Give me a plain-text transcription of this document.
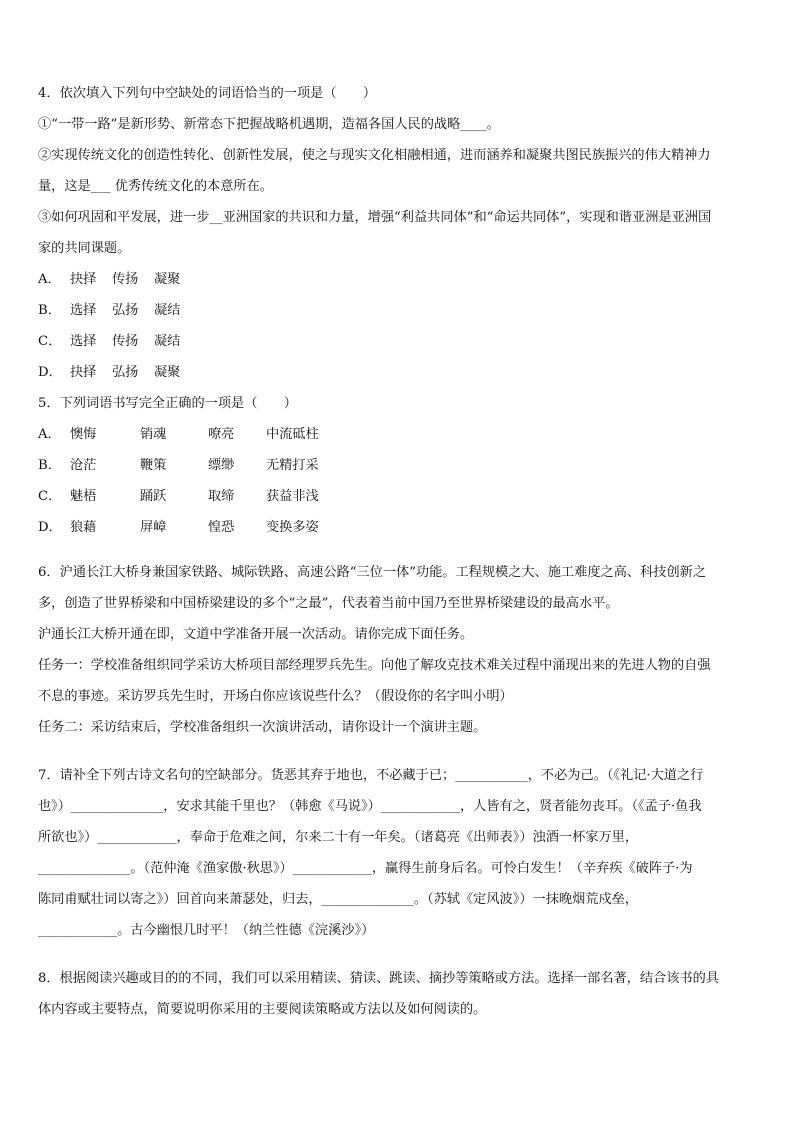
4．依次填入下列句中空缺处的词语恰当的一项是（　　）
①“一带一路”是新形势、新常态下把握战略机遇期，造福各国人民的战略____。
②实现传统文化的创造性转化、创新性发展，使之与现实文化相融相通，进而涵养和凝聚共图民族振兴的伟大精神力
量，这是___ 优秀传统文化的本意所在。
③如何巩固和平发展，进一步__亚洲国家的共识和力量，增强“利益共同体”和“命运共同体”，实现和谐亚洲是亚洲国
家的共同课题。
A． 抉择	传扬	凝聚
B． 选择	弘扬	凝结
C． 选择	传扬	凝结
D． 抉择	弘扬	凝聚
5．下列词语书写完全正确的一项是（　　）
A． 懊悔	销魂	嘹亮	中流砥柱
B． 沧茫	鞭策	缥缈	无精打采
C． 魅梧	踊跃	取缔	获益非浅
D． 狼藉	屏嶂	惶恐	变换多姿
6．沪通长江大桥身兼国家铁路、城际铁路、高速公路“三位一体”功能。工程规模之大、施工难度之高、科技创新之
多，创造了世界桥梁和中国桥梁建设的多个“之最”，代表着当前中国乃至世界桥梁建设的最高水平。
沪通长江大桥开通在即，文道中学准备开展一次活动。请你完成下面任务。
任务一：学校准备组织同学采访大桥项目部经理罗兵先生。向他了解攻克技术难关过程中涌现出来的先进人物的自强
不息的事迹。采访罗兵先生时，开场白你应该说些什么？（假设你的名字叫小明）
任务二：采访结束后，学校准备组织一次演讲活动，请你设计一个演讲主题。
7．请补全下列古诗文名句的空缺部分。货恶其弃于地也，不必藏于已；___________，不必为己。（《礼记·大道之行
也》）______________，安求其能千里也？（韩愈《马说》）____________，人皆有之，贤者能勿丧耳。（《孟子·鱼我
所欲也》）____________，奉命于危难之间，尔来二十有一年矣。（诸葛亮《出师表》）浊酒一杯家万里，
______________。（范仲淹《渔家傲·秋思》）____________，赢得生前身后名。可怜白发生！（辛弃疾《破阵子·为
陈同甫赋壮词以寄之》）回首向来萧瑟处，归去，______________。（苏轼《定风波》）一抹晚烟荒戍垒，
____________。古今幽恨几时平！（纳兰性德《浣溪沙》）
8．根据阅读兴趣或目的的不同，我们可以采用精读、猜读、跳读、摘抄等策略或方法。选择一部名著，结合该书的具
体内容或主要特点，简要说明你采用的主要阅读策略或方法以及如何阅读的。
